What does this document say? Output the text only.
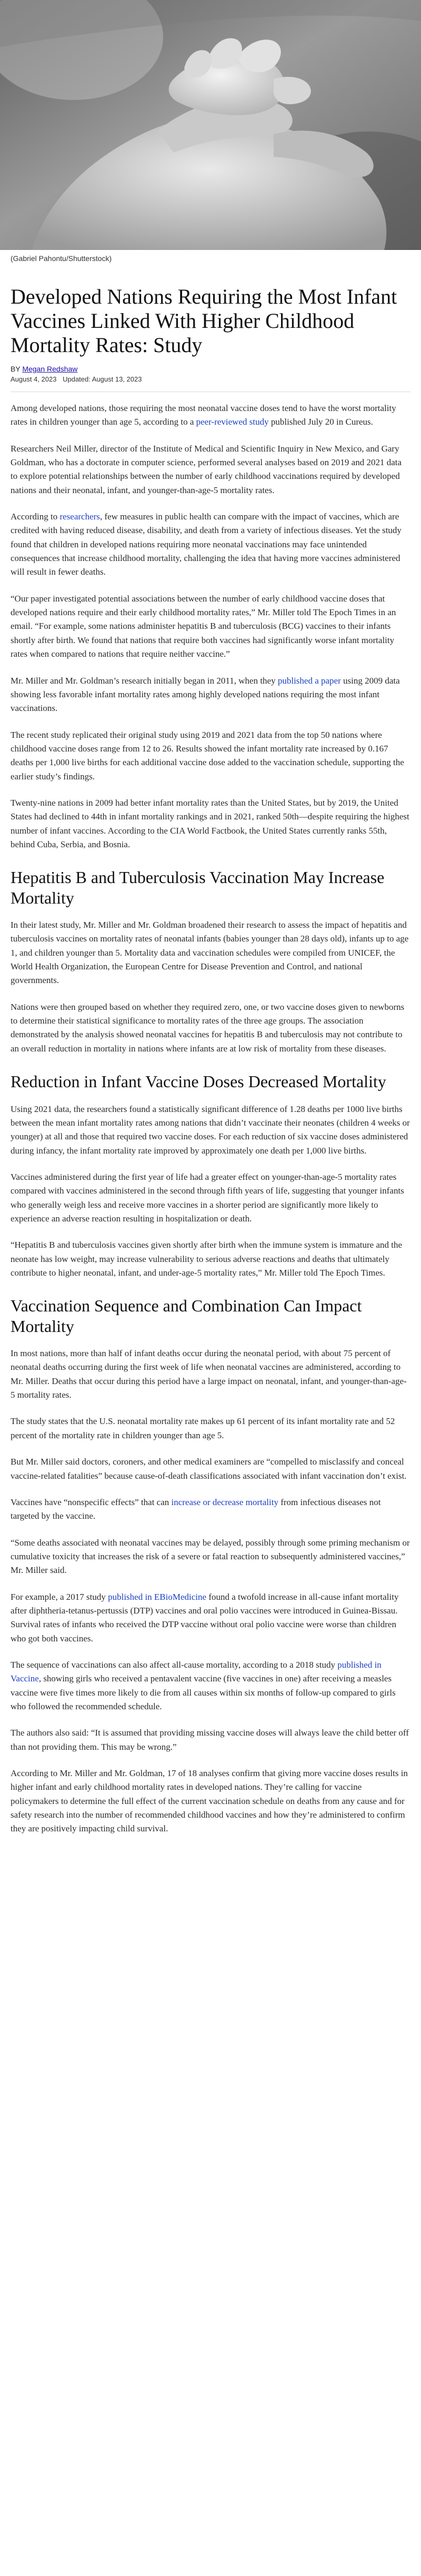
(Gabriel Pahontu/Shutterstock)
Developed Nations Requiring the Most Infant Vaccines Linked With Higher Childhood Mortality Rates: Study
BY Megan Redshaw
August 4, 2023 Updated: August 13, 2023

Among developed nations, those requiring the most neonatal vaccine doses tend to have the worst mortality rates in children younger than age 5, according to a peer-reviewed study published July 20 in Cureus.

Researchers Neil Miller, director of the Institute of Medical and Scientific Inquiry in New Mexico, and Gary Goldman, who has a doctorate in computer science, performed several analyses based on 2019 and 2021 data to explore potential relationships between the number of early childhood vaccinations required by developed nations and their neonatal, infant, and younger-than-age-5 mortality rates.

According to researchers, few measures in public health can compare with the impact of vaccines, which are credited with having reduced disease, disability, and death from a variety of infectious diseases. Yet the study found that children in developed nations requiring more neonatal vaccinations may face unintended consequences that increase childhood mortality, challenging the idea that having more vaccines administered will result in fewer deaths.

“Our paper investigated potential associations between the number of early childhood vaccine doses that developed nations require and their early childhood mortality rates,” Mr. Miller told The Epoch Times in an email. “For example, some nations administer hepatitis B and tuberculosis (BCG) vaccines to their infants shortly after birth. We found that nations that require both vaccines had significantly worse infant mortality rates when compared to nations that require neither vaccine.”

Mr. Miller and Mr. Goldman’s research initially began in 2011, when they published a paper using 2009 data showing less favorable infant mortality rates among highly developed nations requiring the most infant vaccinations.

The recent study replicated their original study using 2019 and 2021 data from the top 50 nations where childhood vaccine doses range from 12 to 26. Results showed the infant mortality rate increased by 0.167 deaths per 1,000 live births for each additional vaccine dose added to the vaccination schedule, supporting the earlier study’s findings.

Twenty-nine nations in 2009 had better infant mortality rates than the United States, but by 2019, the United States had declined to 44th in infant mortality rankings and in 2021, ranked 50th—despite requiring the highest number of infant vaccines. According to the CIA World Factbook, the United States currently ranks 55th, behind Cuba, Serbia, and Bosnia.

Hepatitis B and Tuberculosis Vaccination May Increase Mortality

In their latest study, Mr. Miller and Mr. Goldman broadened their research to assess the impact of hepatitis and tuberculosis vaccines on mortality rates of neonatal infants (babies younger than 28 days old), infants up to age 1, and children younger than 5. Mortality data and vaccination schedules were compiled from UNICEF, the World Health Organization, the European Centre for Disease Prevention and Control, and national governments.

Nations were then grouped based on whether they required zero, one, or two vaccine doses given to newborns to determine their statistical significance to mortality rates of the three age groups. The association demonstrated by the analysis showed neonatal vaccines for hepatitis B and tuberculosis may not contribute to an overall reduction in mortality in nations where infants are at low risk of mortality from these diseases.

Reduction in Infant Vaccine Doses Decreased Mortality

Using 2021 data, the researchers found a statistically significant difference of 1.28 deaths per 1000 live births between the mean infant mortality rates among nations that didn’t vaccinate their neonates (children 4 weeks or younger) at all and those that required two vaccine doses. For each reduction of six vaccine doses administered during infancy, the infant mortality rate improved by approximately one death per 1,000 live births.

Vaccines administered during the first year of life had a greater effect on younger-than-age-5 mortality rates compared with vaccines administered in the second through fifth years of life, suggesting that younger infants who generally weigh less and receive more vaccines in a shorter period are significantly more likely to experience an adverse reaction resulting in hospitalization or death.

“Hepatitis B and tuberculosis vaccines given shortly after birth when the immune system is immature and the neonate has low weight, may increase vulnerability to serious adverse reactions and deaths that ultimately contribute to higher neonatal, infant, and under-age-5 mortality rates,” Mr. Miller told The Epoch Times.

Vaccination Sequence and Combination Can Impact Mortality

In most nations, more than half of infant deaths occur during the neonatal period, with about 75 percent of neonatal deaths occurring during the first week of life when neonatal vaccines are administered, according to Mr. Miller. Deaths that occur during this period have a large impact on neonatal, infant, and younger-than-age-5 mortality rates.

The study states that the U.S. neonatal mortality rate makes up 61 percent of its infant mortality rate and 52 percent of the mortality rate in children younger than age 5.

But Mr. Miller said doctors, coroners, and other medical examiners are “compelled to misclassify and conceal vaccine-related fatalities” because cause-of-death classifications associated with infant vaccination don’t exist.

Vaccines have “nonspecific effects” that can increase or decrease mortality from infectious diseases not targeted by the vaccine.

“Some deaths associated with neonatal vaccines may be delayed, possibly through some priming mechanism or cumulative toxicity that increases the risk of a severe or fatal reaction to subsequently administered vaccines,” Mr. Miller said.

For example, a 2017 study published in EBioMedicine found a twofold increase in all-cause infant mortality after diphtheria-tetanus-pertussis (DTP) vaccines and oral polio vaccines were introduced in Guinea-Bissau. Survival rates of infants who received the DTP vaccine without oral polio vaccine were worse than children who got both vaccines.

The sequence of vaccinations can also affect all-cause mortality, according to a 2018 study published in Vaccine, showing girls who received a pentavalent vaccine (five vaccines in one) after receiving a measles vaccine were five times more likely to die from all causes within six months of follow-up compared to girls who followed the recommended schedule.

The authors also said: “It is assumed that providing missing vaccine doses will always leave the child better off than not providing them. This may be wrong.”

According to Mr. Miller and Mr. Goldman, 17 of 18 analyses confirm that giving more vaccine doses results in higher infant and early childhood mortality rates in developed nations. They’re calling for vaccine policymakers to determine the full effect of the current vaccination schedule on deaths from any cause and for safety research into the number of recommended childhood vaccines and how they’re administered to confirm they are positively impacting child survival.
